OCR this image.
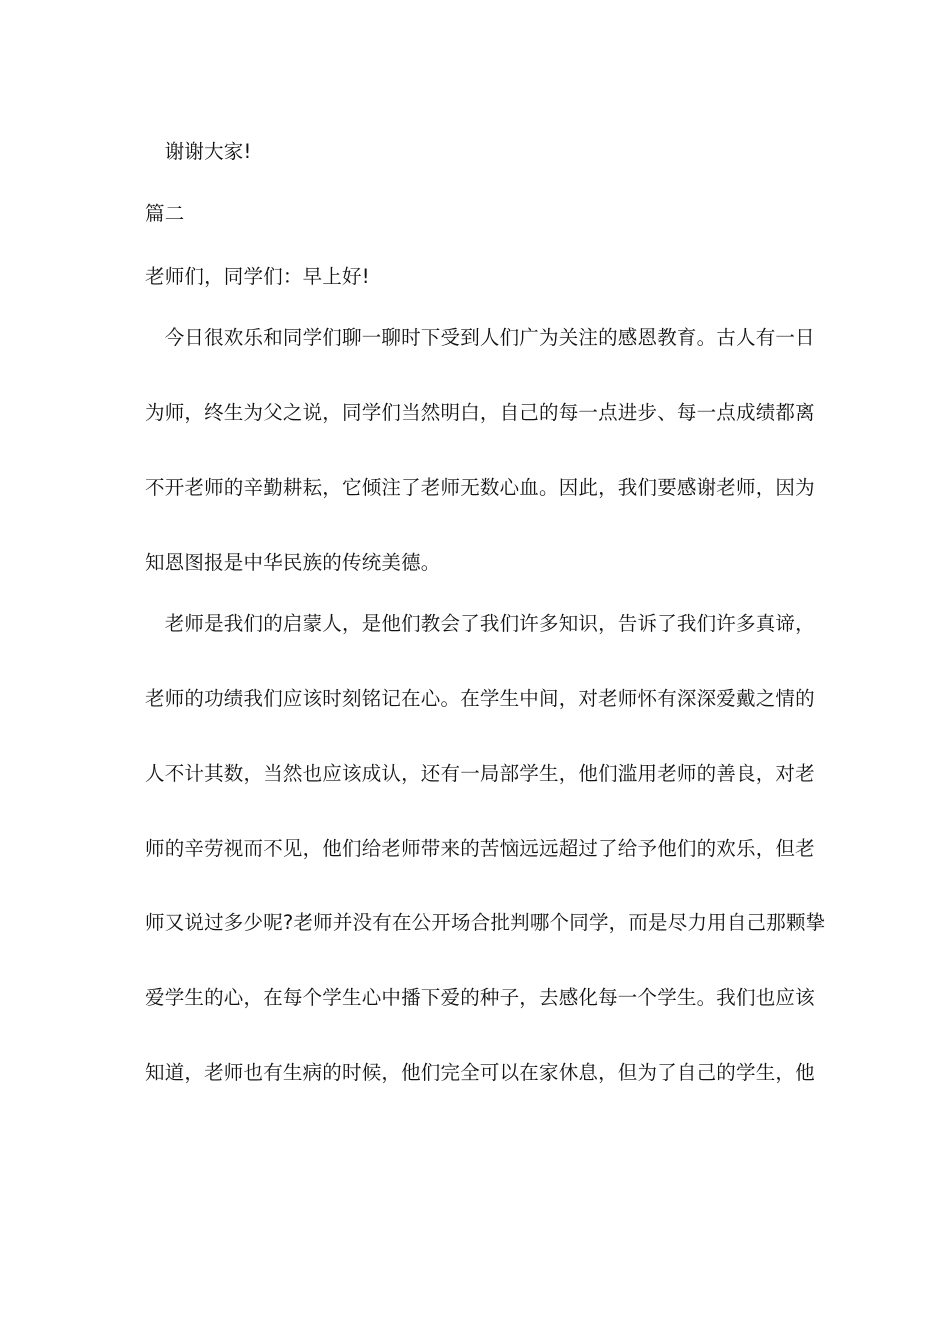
　谢谢大家!
篇二
老师们，同学们：早上好!
　今日很欢乐和同学们聊一聊时下受到人们广为关注的感恩教育。古人有一日
为师，终生为父之说，同学们当然明白，自己的每一点进步、每一点成绩都离
不开老师的辛勤耕耘，它倾注了老师无数心血。因此，我们要感谢老师，因为
知恩图报是中华民族的传统美德。
　老师是我们的启蒙人，是他们教会了我们许多知识，告诉了我们许多真谛，
老师的功绩我们应该时刻铭记在心。在学生中间，对老师怀有深深爱戴之情的
人不计其数，当然也应该成认，还有一局部学生，他们滥用老师的善良，对老
师的辛劳视而不见，他们给老师带来的苦恼远远超过了给予他们的欢乐，但老
师又说过多少呢?老师并没有在公开场合批判哪个同学，而是尽力用自己那颗挚
爱学生的心，在每个学生心中播下爱的种子，去感化每一个学生。我们也应该
知道，老师也有生病的时候，他们完全可以在家休息，但为了自己的学生，他
